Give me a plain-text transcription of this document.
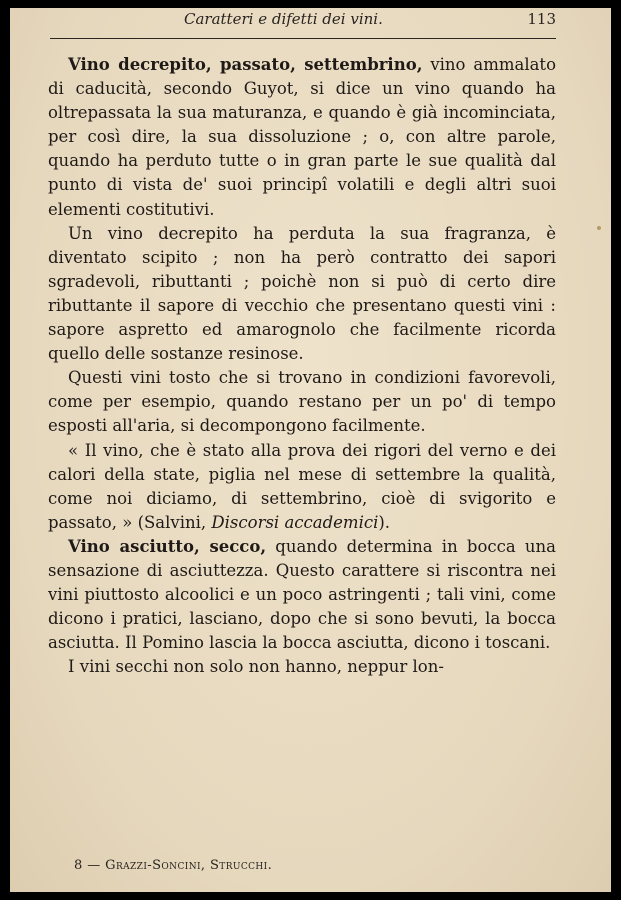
Caratteri e difetti dei vini.	113

Vino decrepito, passato, settembrino, vino ammalato di caducità, secondo Guyot, si dice un vino quando ha oltrepassata la sua maturanza, e quando è già incominciata, per così dire, la sua dissoluzione ; o, con altre parole, quando ha perduto tutte o in gran parte le sue qualità dal punto di vista de' suoi principî volatili e degli altri suoi elementi costitutivi.

Un vino decrepito ha perduta la sua fragranza, è diventato scipito ; non ha però contratto dei sapori sgradevoli, ributtanti ; poichè non si può di certo dire ributtante il sapore di vecchio che presentano questi vini : sapore aspretto ed amarognolo che facilmente ricorda quello delle sostanze resinose.

Questi vini tosto che si trovano in condizioni favorevoli, come per esempio, quando restano per un po' di tempo esposti all'aria, si decompongono facilmente.

« Il vino, che è stato alla prova dei rigori del verno e dei calori della state, piglia nel mese di settembre la qualità, come noi diciamo, di settembrino, cioè di svigorito e passato, » (Salvini, Discorsi accademici).

Vino asciutto, secco, quando determina in bocca una sensazione di asciuttezza. Questo carattere si riscontra nei vini piuttosto alcoolici e un poco astringenti ; tali vini, come dicono i pratici, lasciano, dopo che si sono bevuti, la bocca asciutta. Il Pomino lascia la bocca asciutta, dicono i toscani.

I vini secchi non solo non hanno, neppur lon-

8 — Grazzi-Soncini, Strucchi.
